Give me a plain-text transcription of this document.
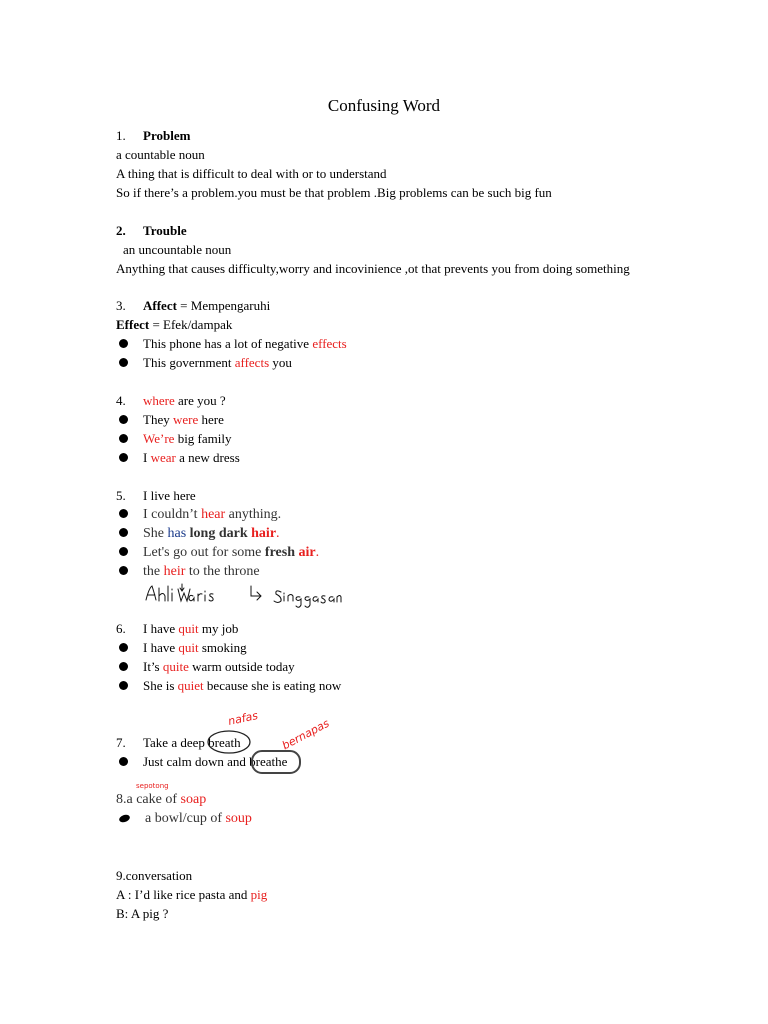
Confusing Word
1. Problem
a countable noun
A thing that is difficult to deal with or to understand
So if there’s a problem.you must be that problem .Big problems can be such big fun
2. Trouble
an uncountable noun
Anything that causes difficulty,worry and incovinience ,ot that prevents you from doing something
3. Affect = Mempengaruhi
Effect = Efek/dampak
This phone has a lot of negative effects
This government affects you
4. where are you ?
They were here
We’re big family
I wear a new dress
5. I live here
I couldn’t hear anything.
She has long dark hair.
Let's go out for some fresh air.
the heir to the throne
6. I have quit my job
I have quit smoking
It’s quite warm outside today
She is quiet because she is eating now
7. Take a deep breath
Just calm down and breathe
nafas bernapas
sepotong
8.a cake of soap
a bowl/cup of soup
9.conversation
A : I’d like rice pasta and pig
B: A pig ?
